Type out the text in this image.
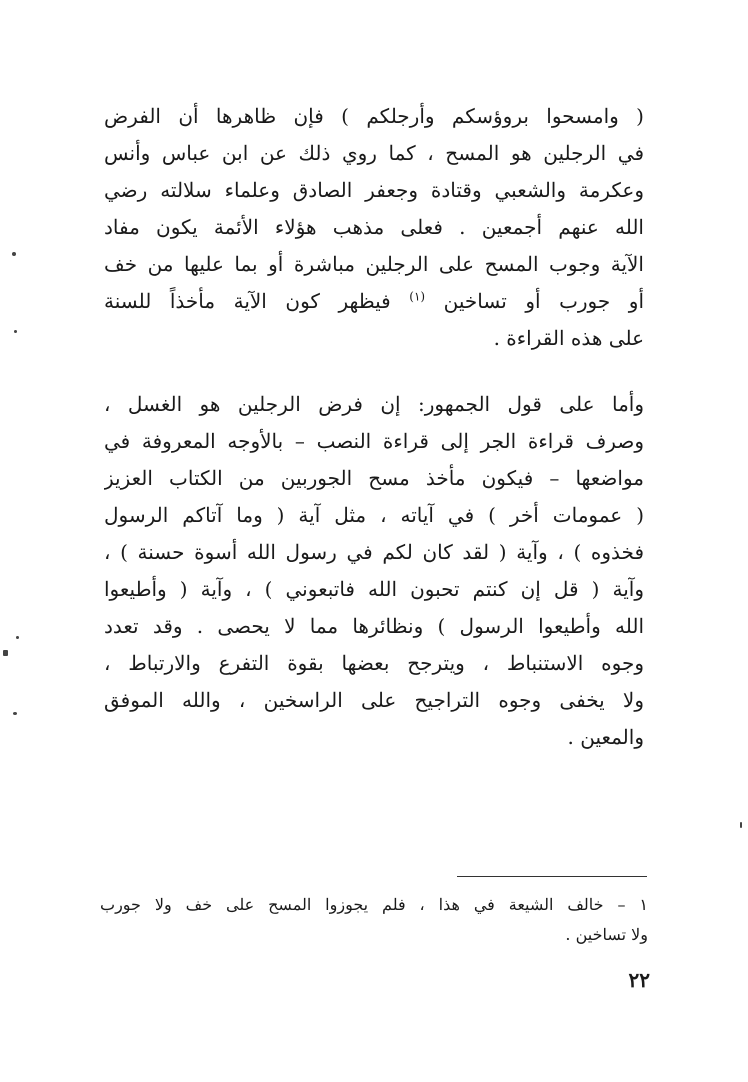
( وامسحوا بروؤسكم وأرجلكم ) فإن ظاهرها أن الفرض
في الرجلين هو المسح ، كما روي ذلك عن ابن عباس وأنس
وعكرمة والشعبي وقتادة وجعفر الصادق وعلماء سلالته رضي
الله عنهم أجمعين . فعلى مذهب هؤلاء الأئمة يكون مفاد
الآية وجوب المسح على الرجلين مباشرة أو بما عليها من خف
أو جورب أو تساخين $^{(١)}$ فيظهر كون الآية مأخذاً للسنة
على هذه القراءة .
وأما على قول الجمهور: إن فرض الرجلين هو الغسل ،
وصرف قراءة الجر إلى قراءة النصب – بالأوجه المعروفة في
مواضعها – فيكون مأخذ مسح الجوربين من الكتاب العزيز
( عمومات أخر ) في آياته ، مثل آية ( وما آتاكم الرسول
فخذوه ) ، وآية ( لقد كان لكم في رسول الله أسوة حسنة ) ،
وآية ( قل إن كنتم تحبون الله فاتبعوني ) ، وآية ( وأطيعوا
الله وأطيعوا الرسول ) ونظائرها مما لا يحصى . وقد تعدد
وجوه الاستنباط ، ويترجح بعضها بقوة التفرع والارتباط ،
ولا يخفى وجوه التراجيح على الراسخين ، والله الموفق
والمعين .
١ – خالف الشيعة في هذا ، فلم يجوزوا المسح على خف ولا جورب
ولا تساخين .
٢٢
